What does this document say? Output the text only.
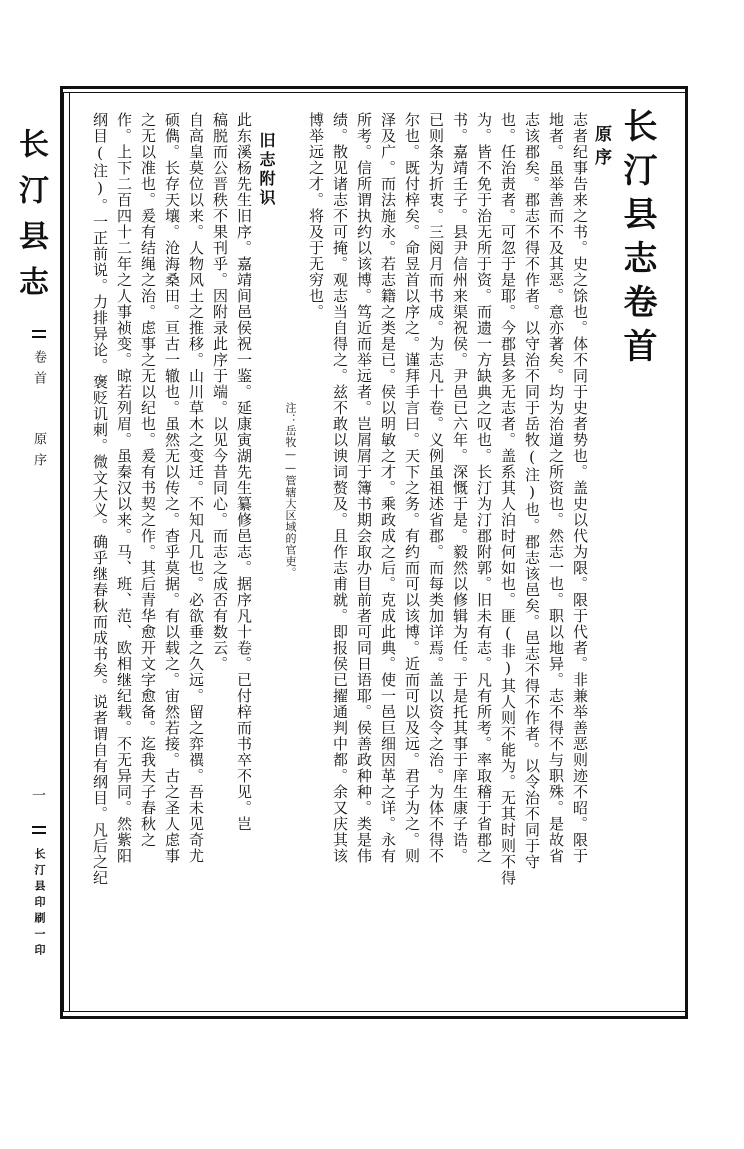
长汀县志卷首
原序
志者纪事告来之书。史之馀也。体不同于史者势也。盖史以代为限。限于代者。非兼举善恶则迹不昭。限于
地者。虽举善而不及其恶。意亦著矣。均为治道之所资也。然志一也。职以地异。志不得不与职殊。是故省
志该郡矣。郡志不得不作者。以守治不同于岳牧(注)也。郡志该邑矣。邑志不得不作者。以令治不同于守
也。任治责者。可忽于是耶。今郡县多无志者。盖系其人泊时何如也。匪(非)其人则不能为。无其时则不得
为。皆不免于治无所于资。而遗一方缺典之叹也。长汀为汀郡附郭。旧未有志。凡有所考。率取稽于省郡之
书。嘉靖壬子。县尹信州来渠祝侯。尹邑已六年。深慨于是。毅然以修辑为任。于是托其事于庠生康子诰。
已则条为折衷。三阅月而书成。为志凡十卷。义例虽祖述省郡。而每类加详焉。盖以资令之治。为体不得不
尔也。既付梓矣。命昱首以序之。谨拜手言曰。天下之务。有约而可以该博。近而可以及远。君子为之。则
泽及广。而法施永。若志籍之类是已。侯以明敏之才。乘政成之后。克成此典。使一邑巨细因革之详。永有
所考。信所谓执约以该博。笃近而举远者。岂屑屑于簿书期会取办目前者可同日语耶。侯善政种种。类是伟
绩。散见诸志不可掩。观志当自得之。兹不敢以谀词赘及。且作志甫就。即报侯已擢通判中都。余又庆其该
博举远之才。将及于无穷也。
注：岳牧——管辖大区域的官吏。
旧志附识
此东溪杨先生旧序。嘉靖间邑侯祝一鉴。延康寅湖先生纂修邑志。据序凡十卷。已付梓而书卒不见。岂
稿脱而公晋秩不果刊乎。因附录此序于端。以见今昔同心。而志之成否有数云。
自高皇莫位以来。人物风土之推移。山川草木之变迁。不知凡几也。必欲垂之久远。留之弈禩。吾未见奇尤
硕儁。长存天壤。沧海桑田。亘古一辙也。虽然无以传之。杳乎莫据。有以载之。宙然若接。古之圣人虑事
之无以准也。爰有结绳之治。虑事之无以纪也。爰有书契之作。其后青华愈开文字愈备。迄我夫子春秋之
作。上下二百四十二年之人事祯变。晾若列眉。虽秦汉以来。马、班、范、欧相继纪载。不无异同。然紫阳
纲目(注)。一正前说。力排异论。褒贬讥刺。微文大义。确乎继春秋而成书矣。说者谓自有纲目。凡后之纪
长汀县志
卷首
原序
一
长汀县印刷一印
